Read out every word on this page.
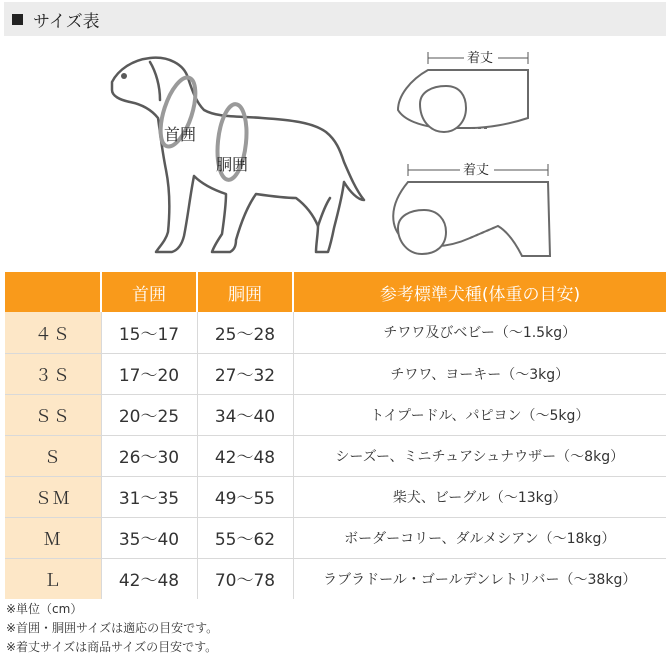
サイズ表
首囲
胴囲
着丈
着丈
	首囲	胴囲	参考標準犬種(体重の目安)
４Ｓ	15〜17	25〜28	チワワ及びベビー（〜1.5kg）
３Ｓ	17〜20	27〜32	チワワ、ヨーキー（〜3kg）
ＳＳ	20〜25	34〜40	トイプードル、パピヨン（〜5kg）
Ｓ	26〜30	42〜48	シーズー、ミニチュアシュナウザー（〜8kg）
ＳＭ	31〜35	49〜55	柴犬、ビーグル（〜13kg）
Ｍ	35〜40	55〜62	ボーダーコリー、ダルメシアン（〜18kg）
Ｌ	42〜48	70〜78	ラブラドール・ゴールデンレトリバー（〜38kg）
※単位（cm）
※首囲・胴囲サイズは適応の目安です。
※着丈サイズは商品サイズの目安です。
